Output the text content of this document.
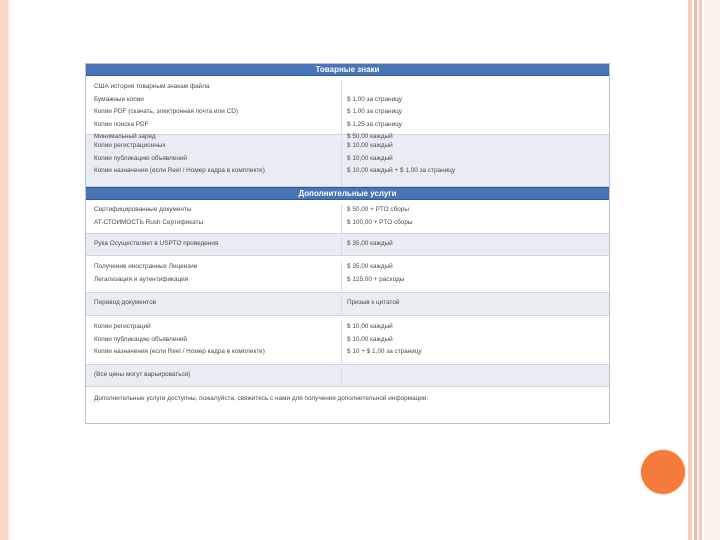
Товарные знаки
США история товарным знакам файла
Бумажные копии
Копии PDF (скачать, электронная почта или CD)
Копии поиска PDF
Минимальный заряд
$ 1,00 за страницу
$ 1,00 за страницу
$ 1,25 за страницу
$ 50,00 каждый
Копии регистрационных
Копии публикацию объявлений
Копии назначения (если Reel / Номер кадра в комплекте)
$ 10,00 каждый
$ 10,00 каждый
$ 10,00 каждый + $ 1,00 за страницу
Дополнительные услуги
Сертифицированные документы
AT-СТОИМОСТЬ Rush Сертификаты
$ 50,00 + PTO сборы
$ 100,00 + PTO сборы
Рука Осуществляет в USPTO проведения	$ 35,00 каждый
Получение иностранных Лицензии
Легализация и аутентификация
$ 35,00 каждый
$ 125,00 + расходы
Перевод документов	Призыв к цитатой
Копии регистраций
Копии публикацию объявлений
Копии назначения (если Reel / Номер кадра в комплекте)
$ 10,00 каждый
$ 10,00 каждый
$ 10 + $ 1,00 за страницу
(Все цены могут варьироваться)
Дополнительные услуги доступны, пожалуйста, свяжитесь с нами для получения дополнительной информации.
